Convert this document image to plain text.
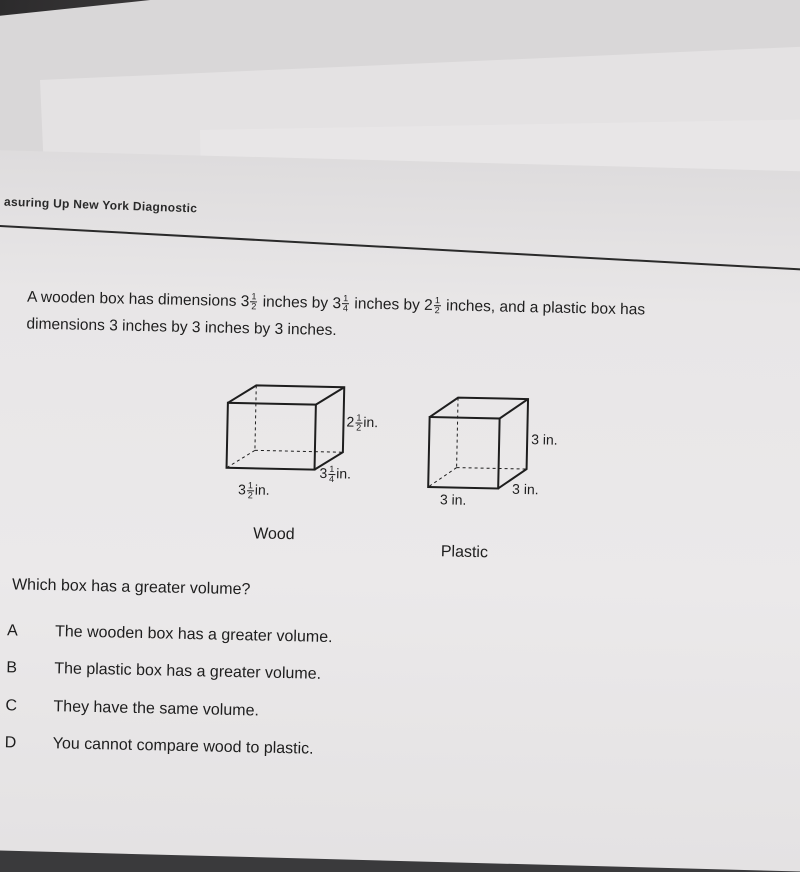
asuring Up New York Diagnostic
A wooden box has dimensions $3 \frac{1}{2}$ inches by $3 \frac{1}{4}$ inches by $2 \frac{1}{2}$ inches, and a plastic box has
dimensions 3 inches by 3 inches by 3 inches.
$2 \frac{1}{2}$ in.
$3 \frac{1}{4}$ in.
$3 \frac{1}{2}$ in.
Wood
3 in.
3 in.
3 in.
Plastic
Which box has a greater volume?
A The wooden box has a greater volume.
B The plastic box has a greater volume.
C They have the same volume.
D You cannot compare wood to plastic.
